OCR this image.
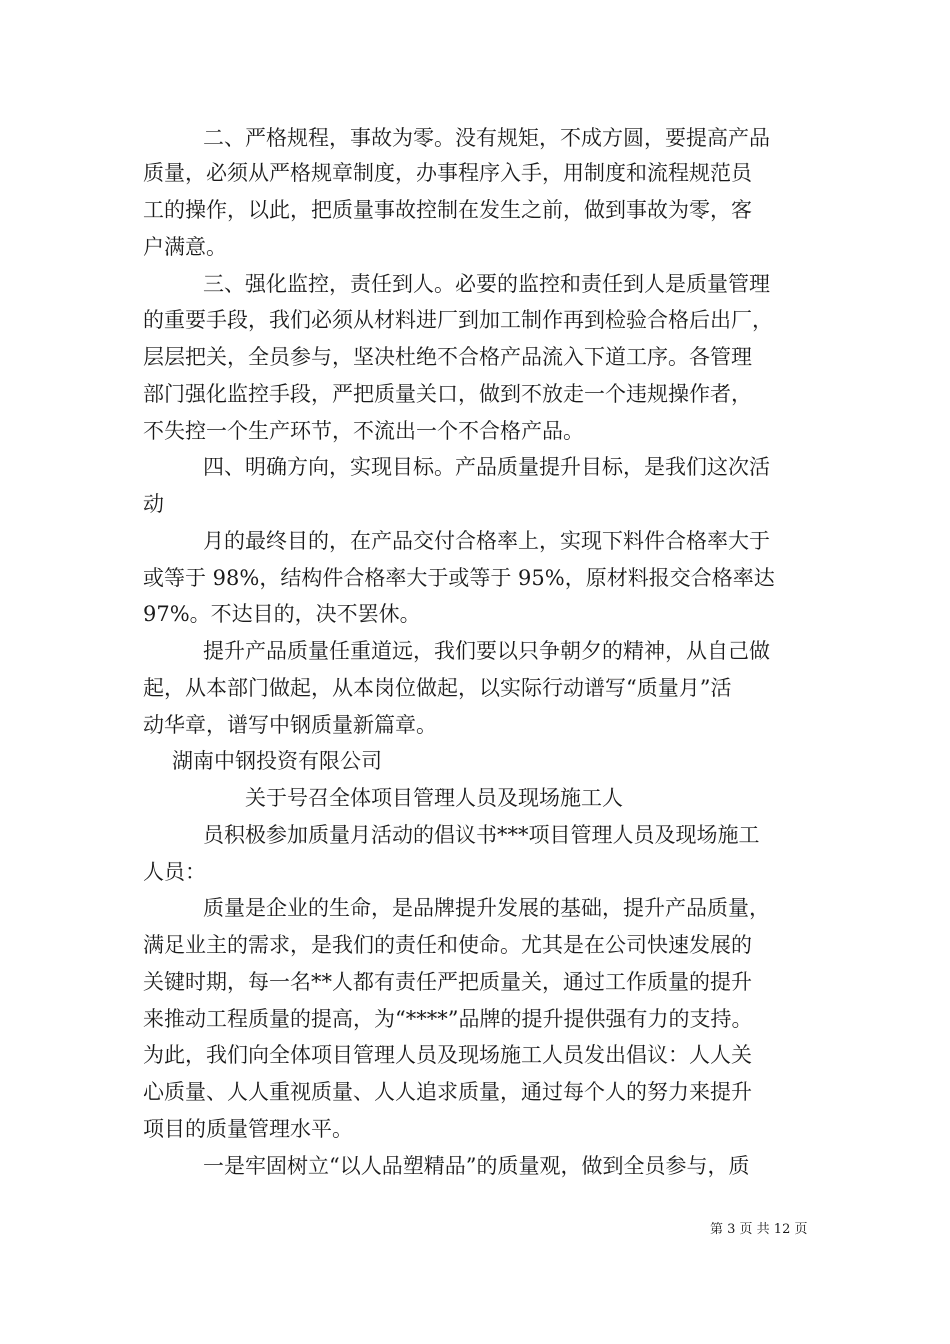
二、严格规程，事故为零。没有规矩，不成方圆，要提高产品
质量，必须从严格规章制度，办事程序入手，用制度和流程规范员
工的操作，以此，把质量事故控制在发生之前，做到事故为零，客
户满意。
三、强化监控，责任到人。必要的监控和责任到人是质量管理
的重要手段，我们必须从材料进厂到加工制作再到检验合格后出厂，
层层把关，全员参与，坚决杜绝不合格产品流入下道工序。各管理
部门强化监控手段，严把质量关口，做到不放走一个违规操作者，
不失控一个生产环节，不流出一个不合格产品。
四、明确方向，实现目标。产品质量提升目标，是我们这次活
动
月的最终目的，在产品交付合格率上，实现下料件合格率大于
或等于 98%，结构件合格率大于或等于 95%，原材料报交合格率达
97%。不达目的，决不罢休。
提升产品质量任重道远，我们要以只争朝夕的精神，从自己做
起，从本部门做起，从本岗位做起，以实际行动谱写“质量月”活
动华章，谱写中钢质量新篇章。
湖南中钢投资有限公司
关于号召全体项目管理人员及现场施工人
员积极参加质量月活动的倡议书***项目管理人员及现场施工
人员：
质量是企业的生命，是品牌提升发展的基础，提升产品质量，
满足业主的需求，是我们的责任和使命。尤其是在公司快速发展的
关键时期，每一名**人都有责任严把质量关，通过工作质量的提升
来推动工程质量的提高，为“****”品牌的提升提供强有力的支持。
为此，我们向全体项目管理人员及现场施工人员发出倡议：人人关
心质量、人人重视质量、人人追求质量，通过每个人的努力来提升
项目的质量管理水平。
一是牢固树立“以人品塑精品”的质量观，做到全员参与，质
第 3 页 共 12 页
